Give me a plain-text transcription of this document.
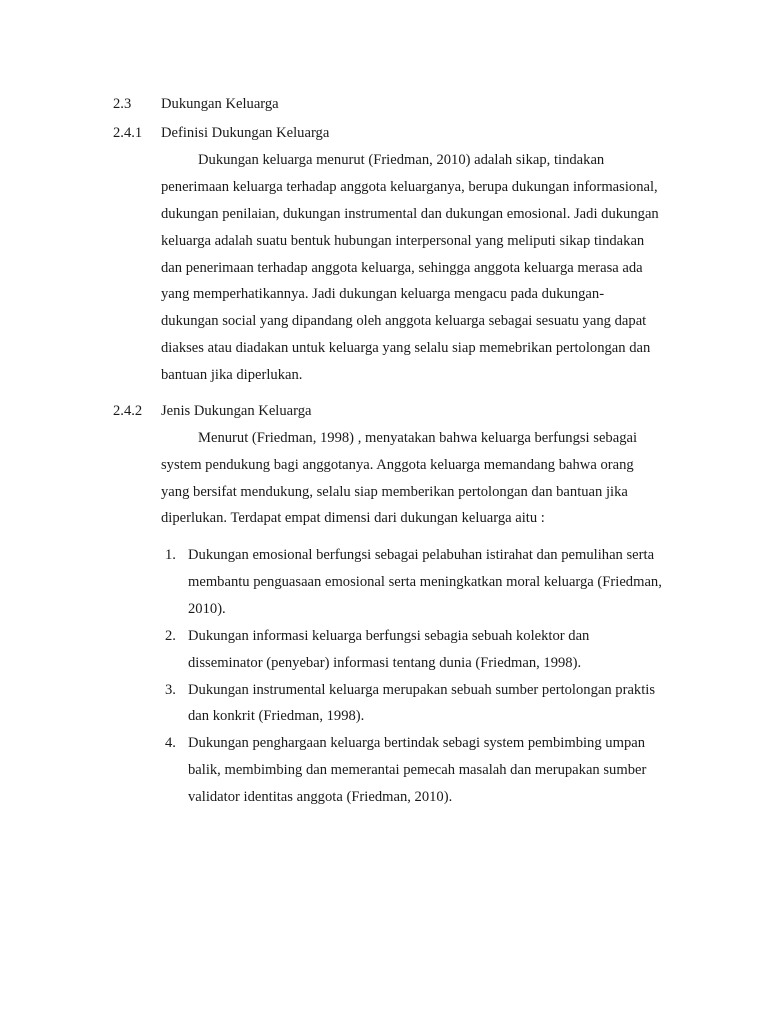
2.3 Dukungan Keluarga
2.4.1 Definisi Dukungan Keluarga
Dukungan keluarga menurut (Friedman, 2010) adalah sikap, tindakan
penerimaan keluarga terhadap anggota keluarganya, berupa dukungan informasional,
dukungan penilaian, dukungan instrumental dan dukungan emosional. Jadi dukungan
keluarga adalah suatu bentuk hubungan interpersonal yang meliputi sikap tindakan
dan penerimaan terhadap anggota keluarga, sehingga anggota keluarga merasa ada
yang memperhatikannya. Jadi dukungan keluarga mengacu pada dukungan-
dukungan social yang dipandang oleh anggota keluarga sebagai sesuatu yang dapat
diakses atau diadakan untuk keluarga yang selalu siap memebrikan pertolongan dan
bantuan jika diperlukan.
2.4.2 Jenis Dukungan Keluarga
Menurut (Friedman, 1998) , menyatakan bahwa keluarga berfungsi sebagai
system pendukung bagi anggotanya. Anggota keluarga memandang bahwa orang
yang bersifat mendukung, selalu siap memberikan pertolongan dan bantuan jika
diperlukan. Terdapat empat dimensi dari dukungan keluarga aitu :
1. Dukungan emosional berfungsi sebagai pelabuhan istirahat dan pemulihan serta
membantu penguasaan emosional serta meningkatkan moral keluarga (Friedman,
2010).
2. Dukungan informasi keluarga berfungsi sebagia sebuah kolektor dan
disseminator (penyebar) informasi tentang dunia (Friedman, 1998).
3. Dukungan instrumental keluarga merupakan sebuah sumber pertolongan praktis
dan konkrit (Friedman, 1998).
4. Dukungan penghargaan keluarga bertindak sebagi system pembimbing umpan
balik, membimbing dan memerantai pemecah masalah dan merupakan sumber
validator identitas anggota (Friedman, 2010).
